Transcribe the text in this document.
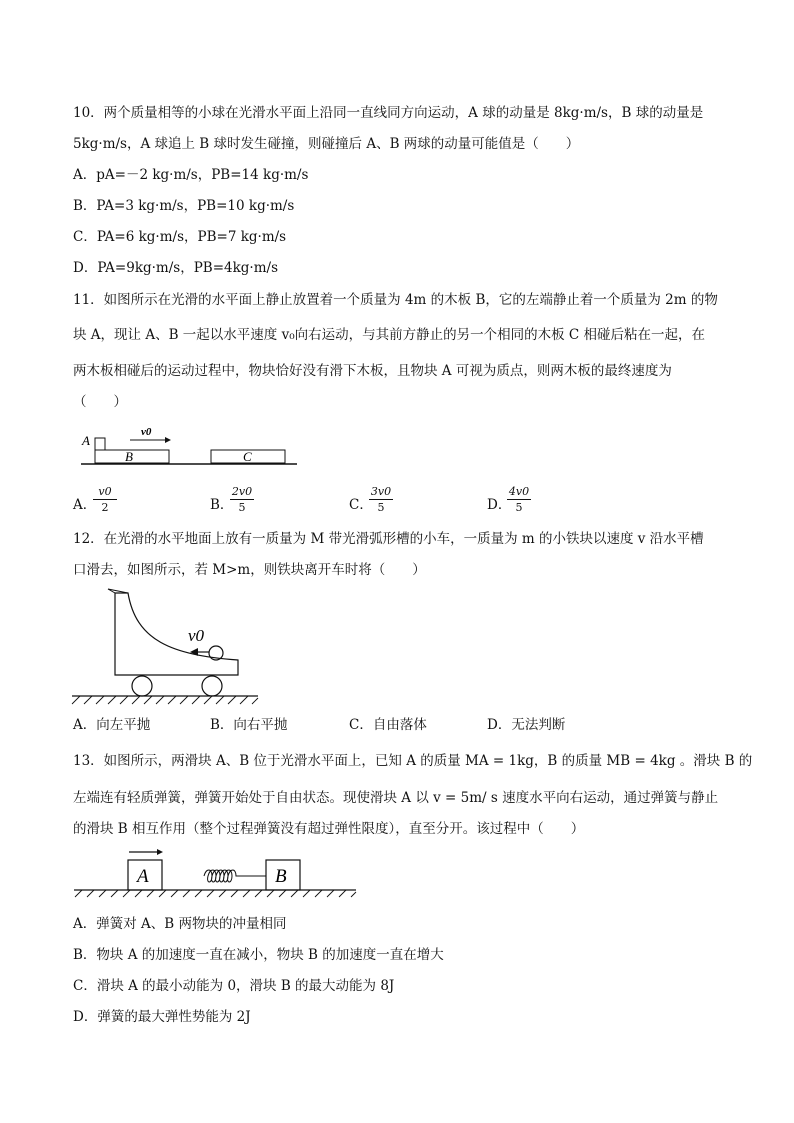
10．两个质量相等的小球在光滑水平面上沿同一直线同方向运动，A 球的动量是 8kg·m/s，B 球的动量是
5kg·m/s，A 球追上 B 球时发生碰撞，则碰撞后 A、B 两球的动量可能值是（　　）
A．pA=－2 kg·m/s，PB=14 kg·m/s
B．PA=3 kg·m/s，PB=10 kg·m/s
C．PA=6 kg·m/s，PB=7 kg·m/s
D．PA=9kg·m/s，PB=4kg·m/s
11．如图所示在光滑的水平面上静止放置着一个质量为 4m 的木板 B，它的左端静止着一个质量为 2m 的物
块 A，现让 A、B 一起以水平速度 v₀向右运动，与其前方静止的另一个相同的木板 C 相碰后粘在一起，在
两木板相碰后的运动过程中，物块恰好没有滑下木板，且物块 A 可视为质点，则两木板的最终速度为
（　　）
A
v0
B	C
A．
$\frac{v0}{2}$	B．
$\frac{2v0}{5}$	C．
$\frac{3v0}{5}$	D．
$\frac{4v0}{5}$
12．在光滑的水平地面上放有一质量为 M 带光滑弧形槽的小车，一质量为 m 的小铁块以速度 v 沿水平槽
口滑去，如图所示，若 M>m，则铁块离开车时将（　　）
v0
A．向左平抛	B．向右平抛	C．自由落体	D．无法判断
13．如图所示，两滑块 A、B 位于光滑水平面上，已知 A 的质量 MA = 1kg，B 的质量 MB = 4kg 。滑块 B 的
左端连有轻质弹簧，弹簧开始处于自由状态。现使滑块 A 以 v = 5m/ s 速度水平向右运动，通过弹簧与静止
的滑块 B 相互作用（整个过程弹簧没有超过弹性限度），直至分开。该过程中（　　）
A	B
A．弹簧对 A、B 两物块的冲量相同
B．物块 A 的加速度一直在减小，物块 B 的加速度一直在增大
C．滑块 A 的最小动能为 0，滑块 B 的最大动能为 8J
D．弹簧的最大弹性势能为 2J
